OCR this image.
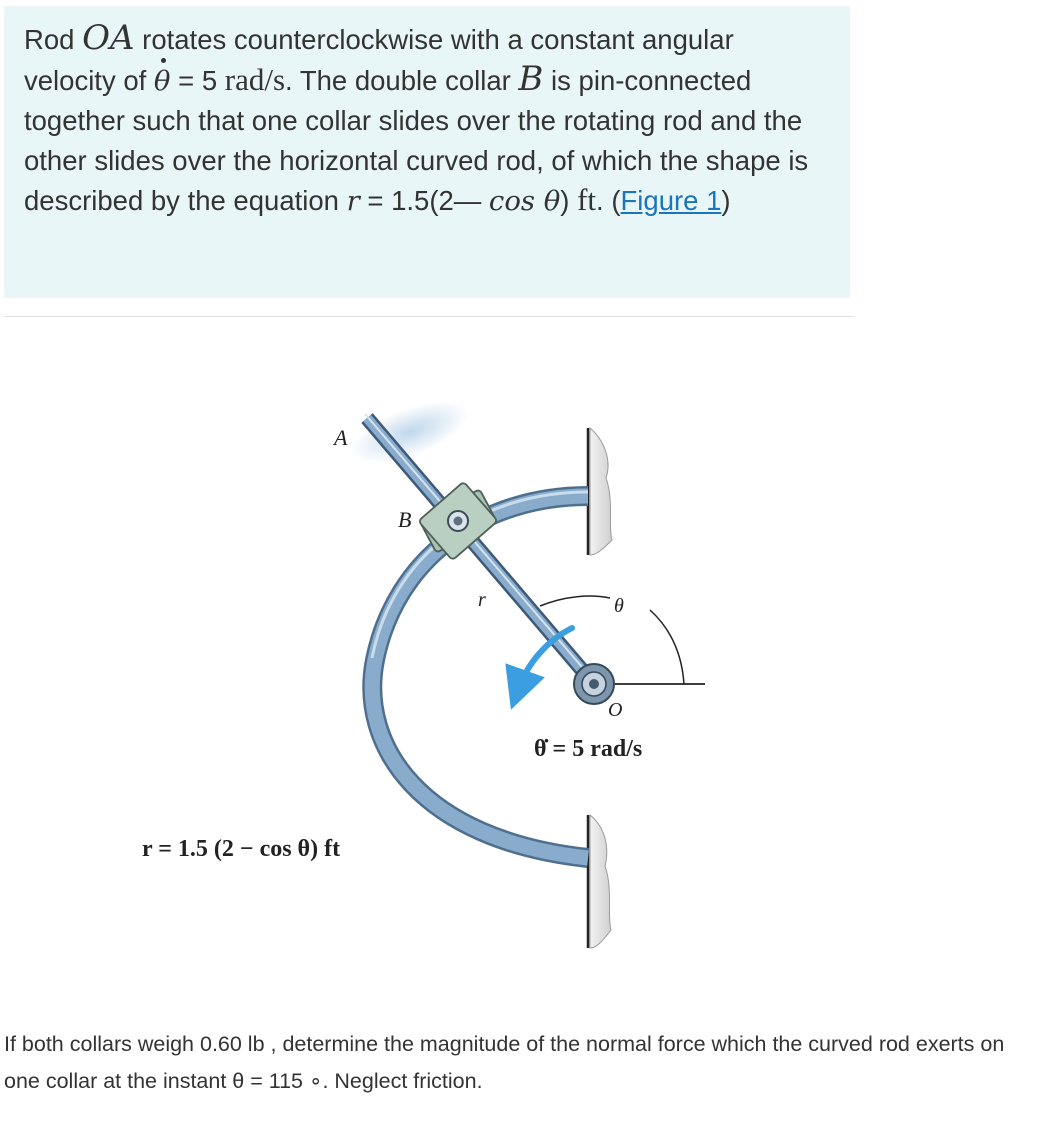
Rod OA rotates counterclockwise with a constant angular velocity of θ = 5 rad/s. The double collar B is pin-connected together such that one collar slides over the rotating rod and the other slides over the horizontal curved rod, of which the shape is described by the equation r = 1.5(2— cos θ) ft. (Figure 1)
A
B
r	θ
O
θ̇ = 5 rad/s
r = 1.5 (2 − cos θ) ft
If both collars weigh 0.60 lb , determine the magnitude of the normal force which the curved rod exerts on one collar at the instant θ = 115 ∘. Neglect friction.
